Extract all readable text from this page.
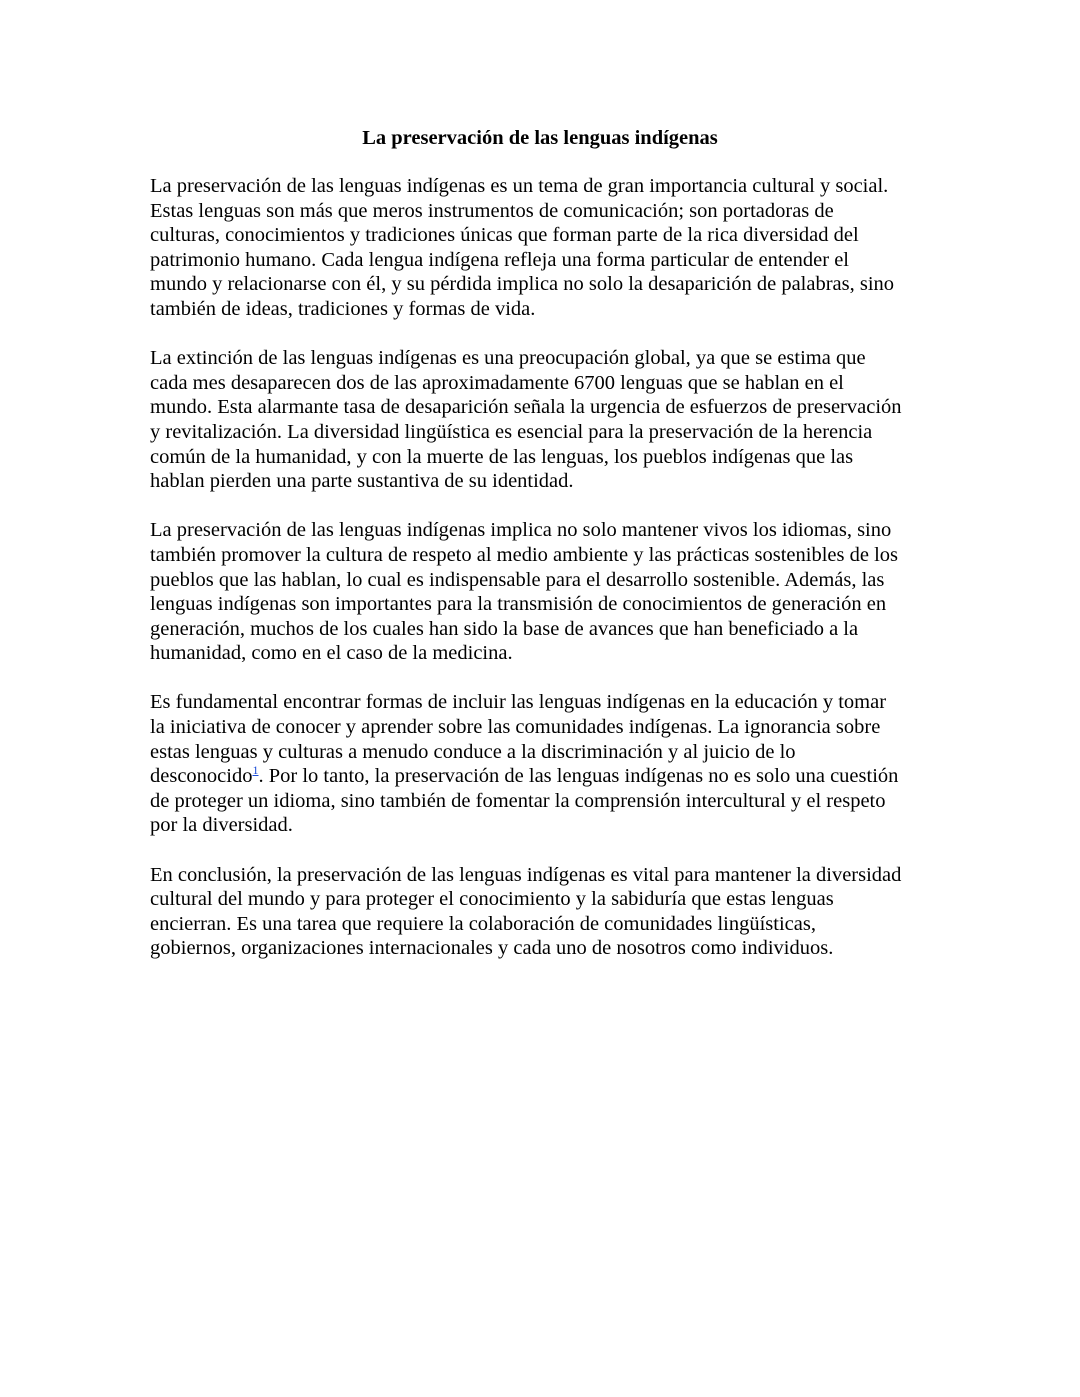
La preservación de las lenguas indígenas

La preservación de las lenguas indígenas es un tema de gran importancia cultural y social.
Estas lenguas son más que meros instrumentos de comunicación; son portadoras de
culturas, conocimientos y tradiciones únicas que forman parte de la rica diversidad del
patrimonio humano. Cada lengua indígena refleja una forma particular de entender el
mundo y relacionarse con él, y su pérdida implica no solo la desaparición de palabras, sino
también de ideas, tradiciones y formas de vida.

La extinción de las lenguas indígenas es una preocupación global, ya que se estima que
cada mes desaparecen dos de las aproximadamente 6700 lenguas que se hablan en el
mundo. Esta alarmante tasa de desaparición señala la urgencia de esfuerzos de preservación
y revitalización. La diversidad lingüística es esencial para la preservación de la herencia
común de la humanidad, y con la muerte de las lenguas, los pueblos indígenas que las
hablan pierden una parte sustantiva de su identidad.

La preservación de las lenguas indígenas implica no solo mantener vivos los idiomas, sino
también promover la cultura de respeto al medio ambiente y las prácticas sostenibles de los
pueblos que las hablan, lo cual es indispensable para el desarrollo sostenible. Además, las
lenguas indígenas son importantes para la transmisión de conocimientos de generación en
generación, muchos de los cuales han sido la base de avances que han beneficiado a la
humanidad, como en el caso de la medicina.

Es fundamental encontrar formas de incluir las lenguas indígenas en la educación y tomar
la iniciativa de conocer y aprender sobre las comunidades indígenas. La ignorancia sobre
estas lenguas y culturas a menudo conduce a la discriminación y al juicio de lo
desconocido$^1$. Por lo tanto, la preservación de las lenguas indígenas no es solo una cuestión
de proteger un idioma, sino también de fomentar la comprensión intercultural y el respeto
por la diversidad.

En conclusión, la preservación de las lenguas indígenas es vital para mantener la diversidad
cultural del mundo y para proteger el conocimiento y la sabiduría que estas lenguas
encierran. Es una tarea que requiere la colaboración de comunidades lingüísticas,
gobiernos, organizaciones internacionales y cada uno de nosotros como individuos.
